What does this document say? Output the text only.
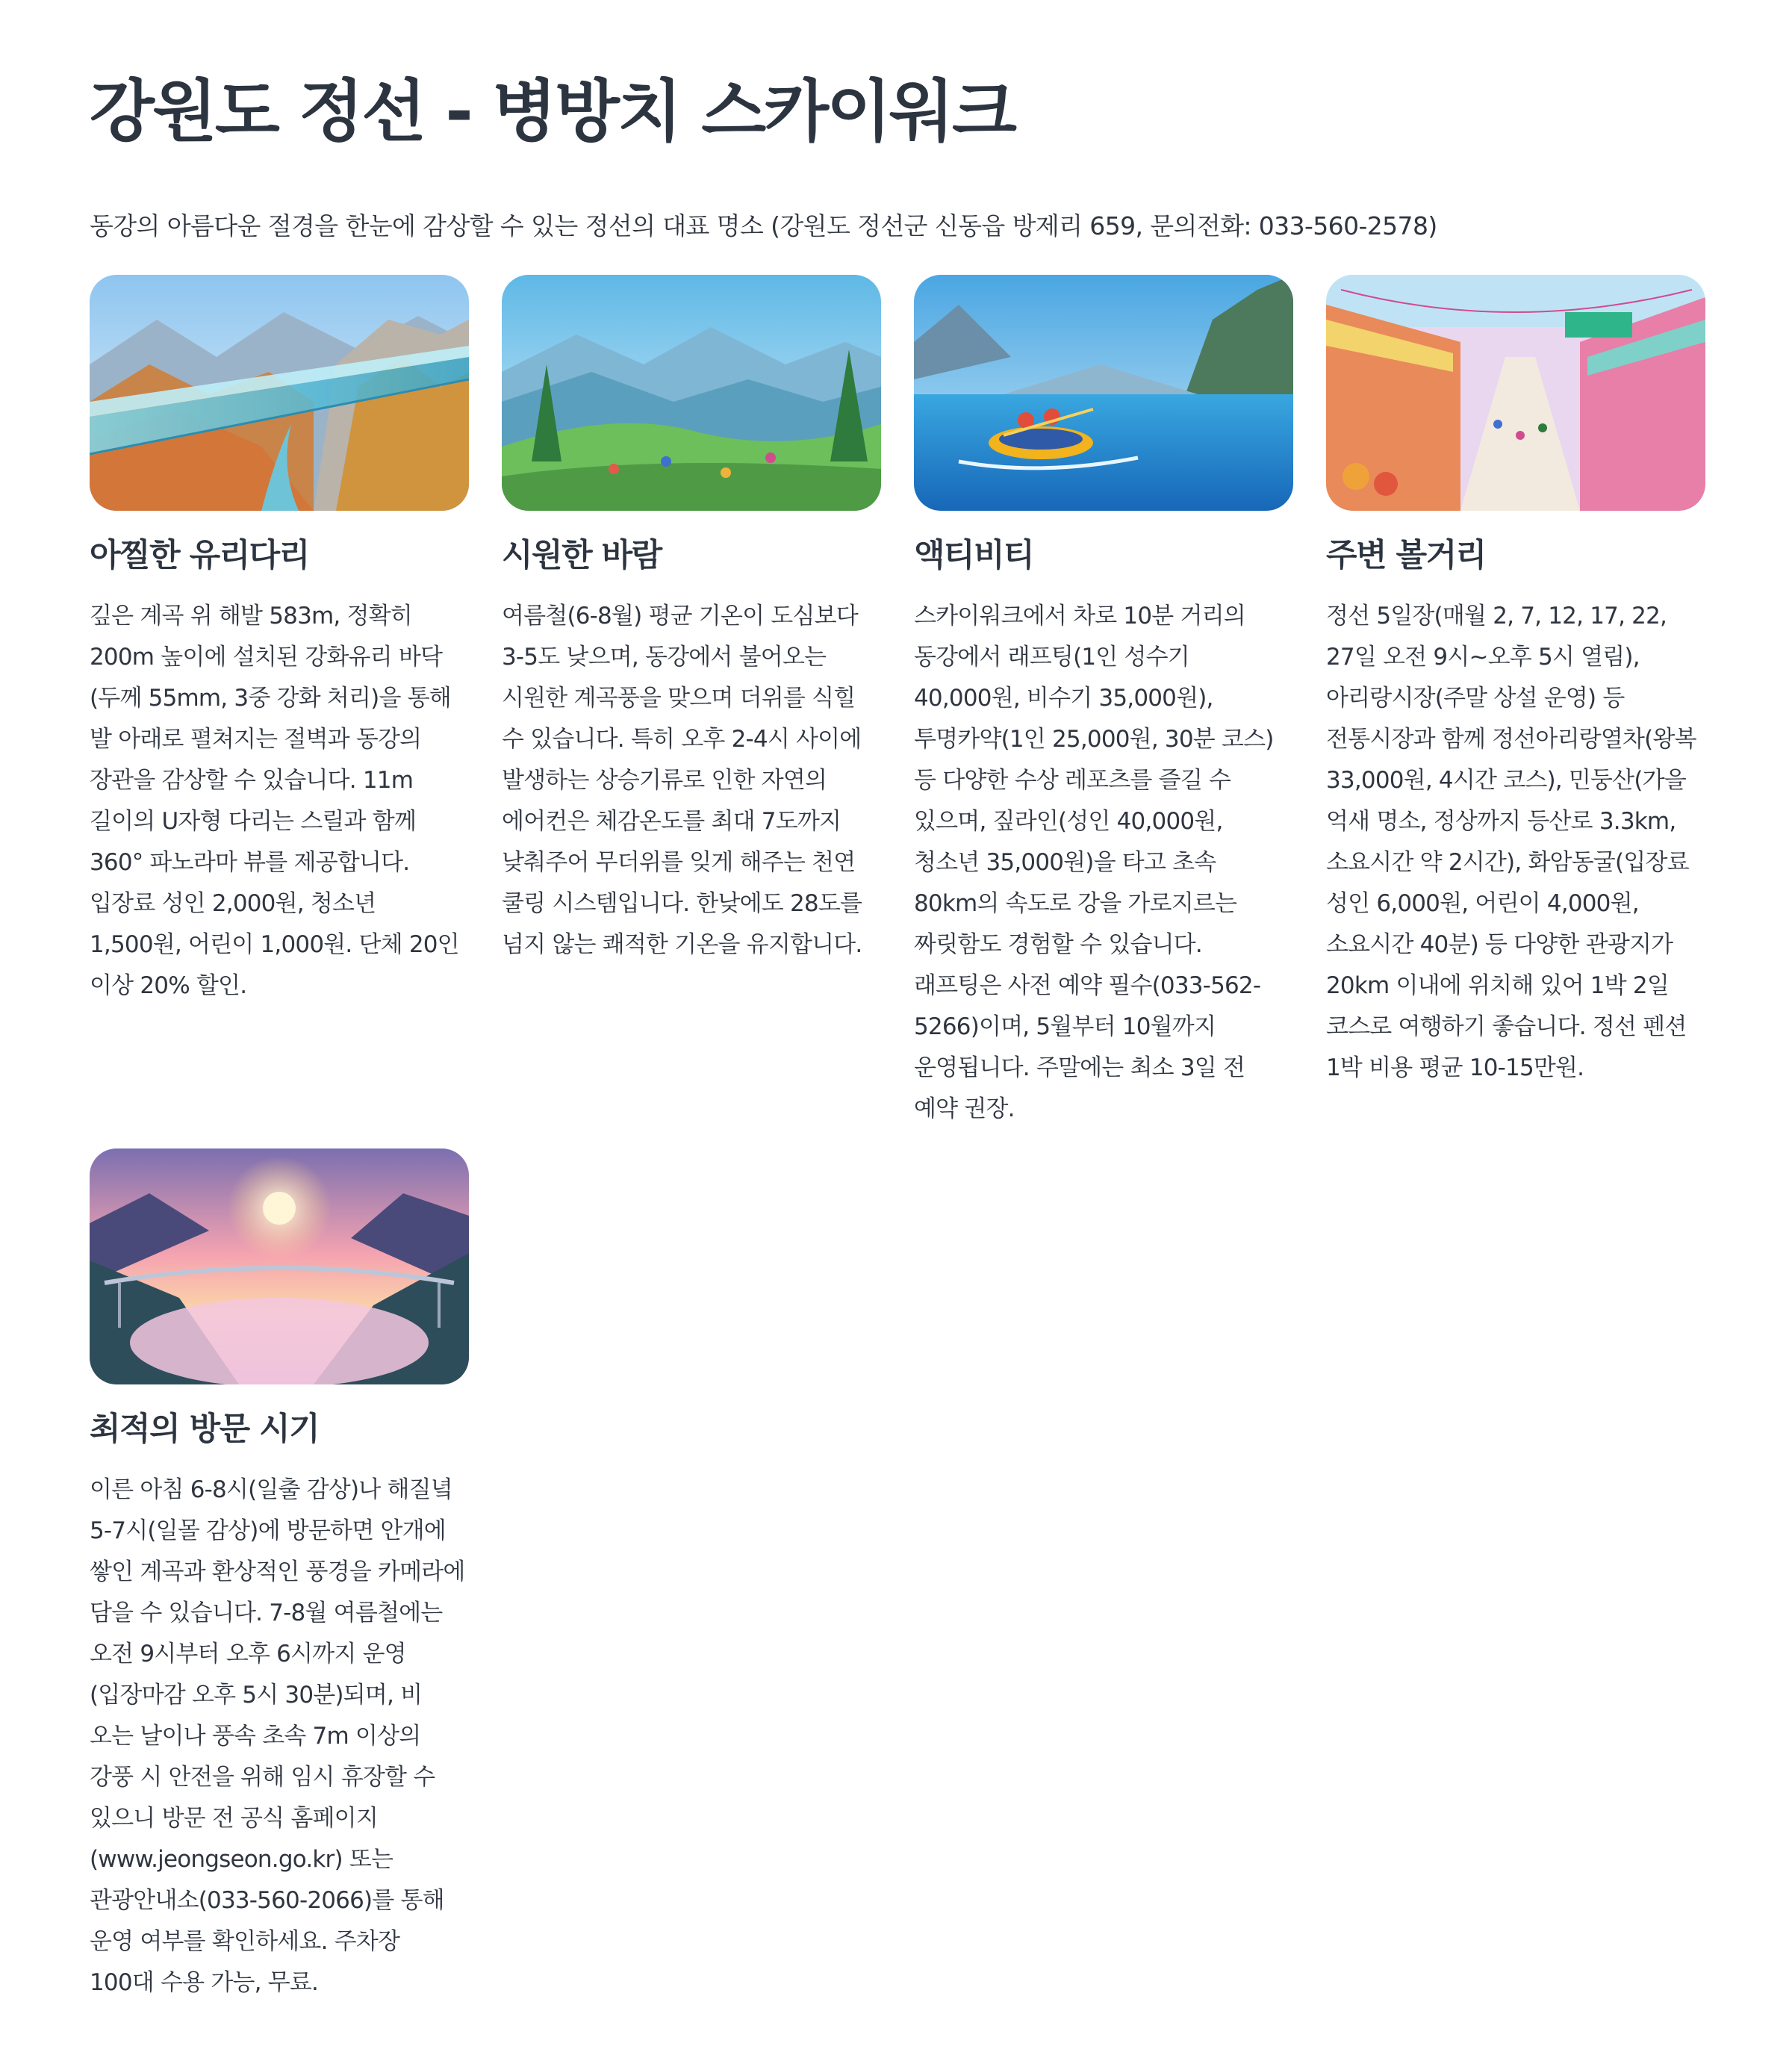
강원도 정선 - 병방치 스카이워크
동강의 아름다운 절경을 한눈에 감상할 수 있는 정선의 대표 명소 (강원도 정선군 신동읍 방제리 659, 문의전화: 033-560-2578)
아찔한 유리다리
깊은 계곡 위 해발 583m, 정확히 200m 높이에 설치된 강화유리 바닥(두께 55mm, 3중 강화 처리)을 통해 발 아래로 펼쳐지는 절벽과 동강의 장관을 감상할 수 있습니다. 11m 길이의 U자형 다리는 스릴과 함께 360° 파노라마 뷰를 제공합니다. 입장료 성인 2,000원, 청소년 1,500원, 어린이 1,000원. 단체 20인 이상 20% 할인.
시원한 바람
여름철(6-8월) 평균 기온이 도심보다 3-5도 낮으며, 동강에서 불어오는 시원한 계곡풍을 맞으며 더위를 식힐 수 있습니다. 특히 오후 2-4시 사이에 발생하는 상승기류로 인한 자연의 에어컨은 체감온도를 최대 7도까지 낮춰주어 무더위를 잊게 해주는 천연 쿨링 시스템입니다. 한낮에도 28도를 넘지 않는 쾌적한 기온을 유지합니다.
액티비티
스카이워크에서 차로 10분 거리의 동강에서 래프팅(1인 성수기 40,000원, 비수기 35,000원), 투명카약(1인 25,000원, 30분 코스) 등 다양한 수상 레포츠를 즐길 수 있으며, 짚라인(성인 40,000원, 청소년 35,000원)을 타고 초속 80km의 속도로 강을 가로지르는 짜릿함도 경험할 수 있습니다. 래프팅은 사전 예약 필수(033-562-5266)이며, 5월부터 10월까지 운영됩니다. 주말에는 최소 3일 전 예약 권장.
주변 볼거리
정선 5일장(매월 2, 7, 12, 17, 22, 27일 오전 9시~오후 5시 열림), 아리랑시장(주말 상설 운영) 등 전통시장과 함께 정선아리랑열차(왕복 33,000원, 4시간 코스), 민둥산(가을 억새 명소, 정상까지 등산로 3.3km, 소요시간 약 2시간), 화암동굴(입장료 성인 6,000원, 어린이 4,000원, 소요시간 40분) 등 다양한 관광지가 20km 이내에 위치해 있어 1박 2일 코스로 여행하기 좋습니다. 정선 펜션 1박 비용 평균 10-15만원.
최적의 방문 시기
이른 아침 6-8시(일출 감상)나 해질녘 5-7시(일몰 감상)에 방문하면 안개에 쌓인 계곡과 환상적인 풍경을 카메라에 담을 수 있습니다. 7-8월 여름철에는 오전 9시부터 오후 6시까지 운영(입장마감 오후 5시 30분)되며, 비 오는 날이나 풍속 초속 7m 이상의 강풍 시 안전을 위해 임시 휴장할 수 있으니 방문 전 공식 홈페이지(www.jeongseon.go.kr) 또는 관광안내소(033-560-2066)를 통해 운영 여부를 확인하세요. 주차장 100대 수용 가능, 무료.
